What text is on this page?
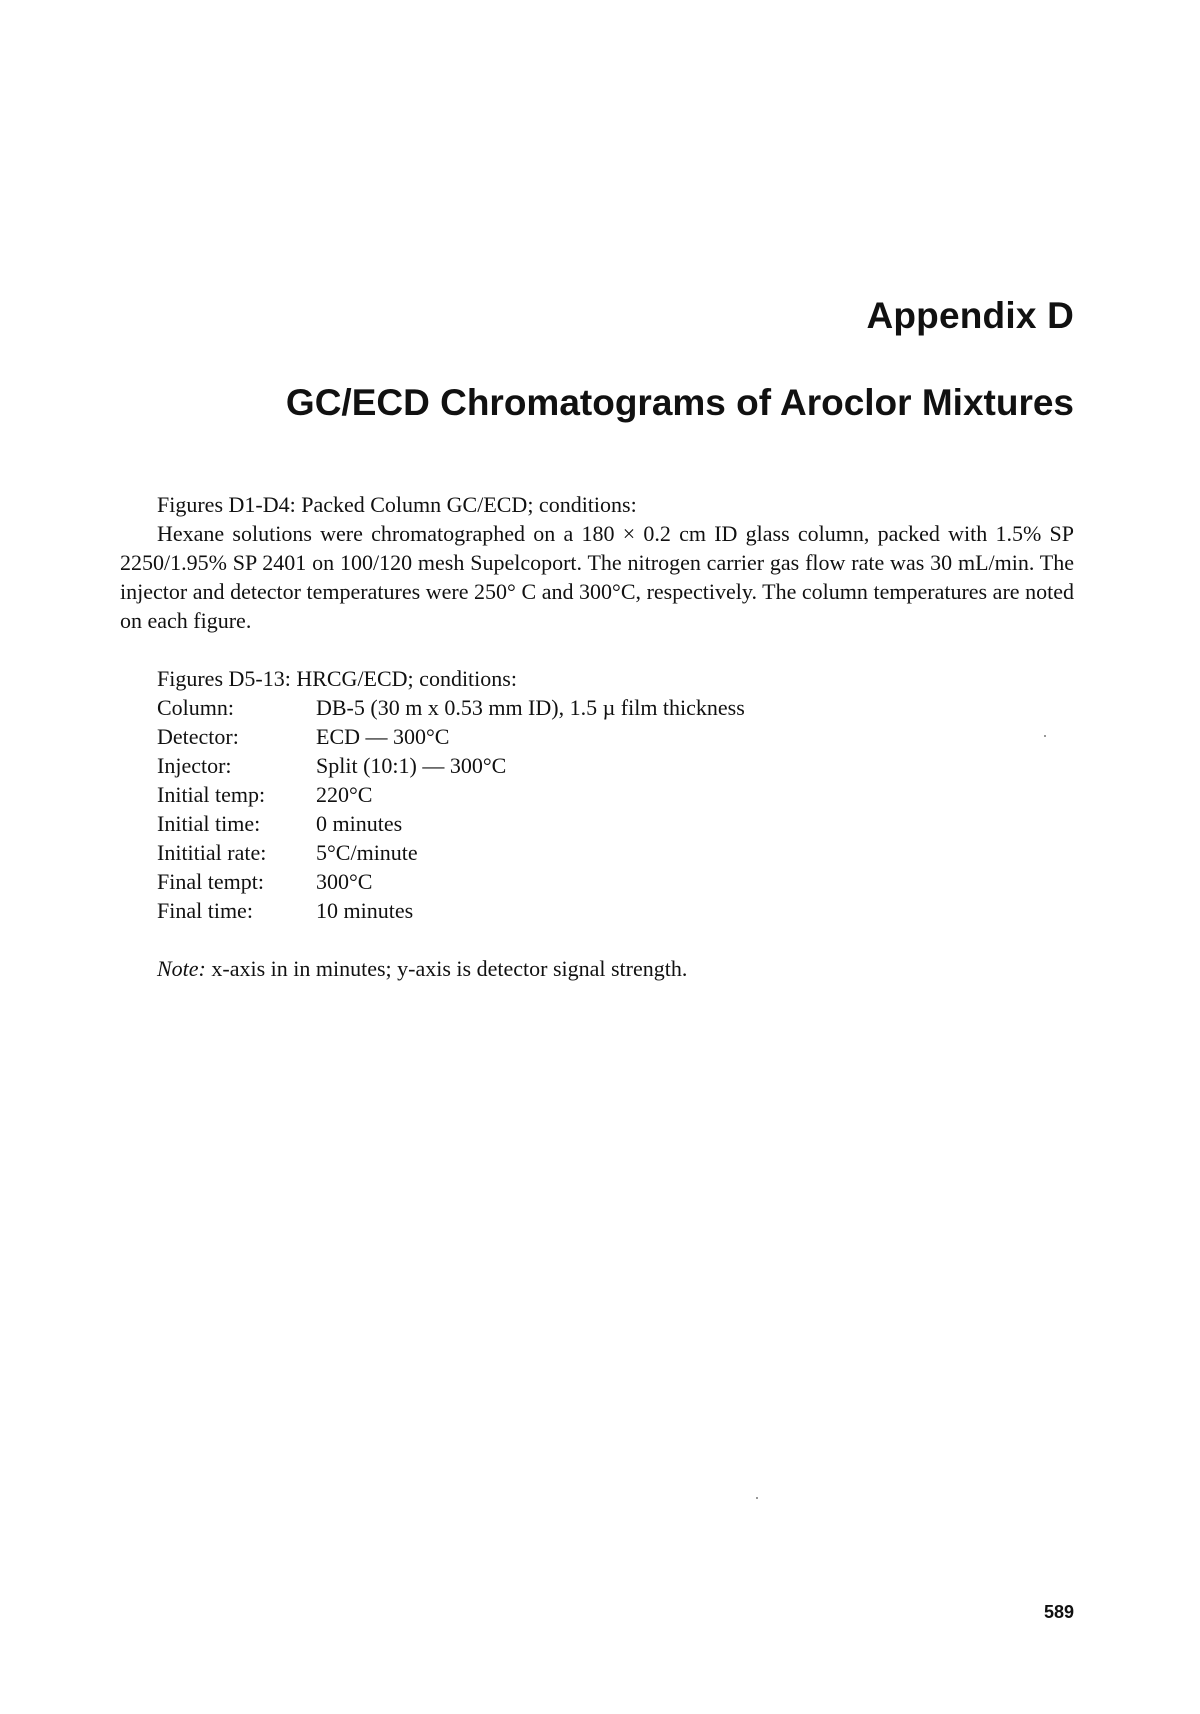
Appendix D
GC/ECD Chromatograms of Aroclor Mixtures

Figures D1-D4: Packed Column GC/ECD; conditions:

Hexane solutions were chromatographed on a 180 × 0.2 cm ID glass column, packed with 1.5% SP 2250/1.95% SP 2401 on 100/120 mesh Supelcoport. The nitrogen carrier gas flow rate was 30 mL/min. The injector and detector temperatures were 250° C and 300°C, respectively. The column temperatures are noted on each figure.

Figures D5-13: HRCG/ECD; conditions:

Column:	DB-5 (30 m x 0.53 mm ID), 1.5 µ film thickness
Detector:	ECD — 300°C
Injector:	Split (10:1) — 300°C
Initial temp:	220°C
Initial time:	0 minutes
Inititial rate:	5°C/minute
Final tempt:	300°C
Final time:	10 minutes

Note: x-axis in in minutes; y-axis is detector signal strength.

589
